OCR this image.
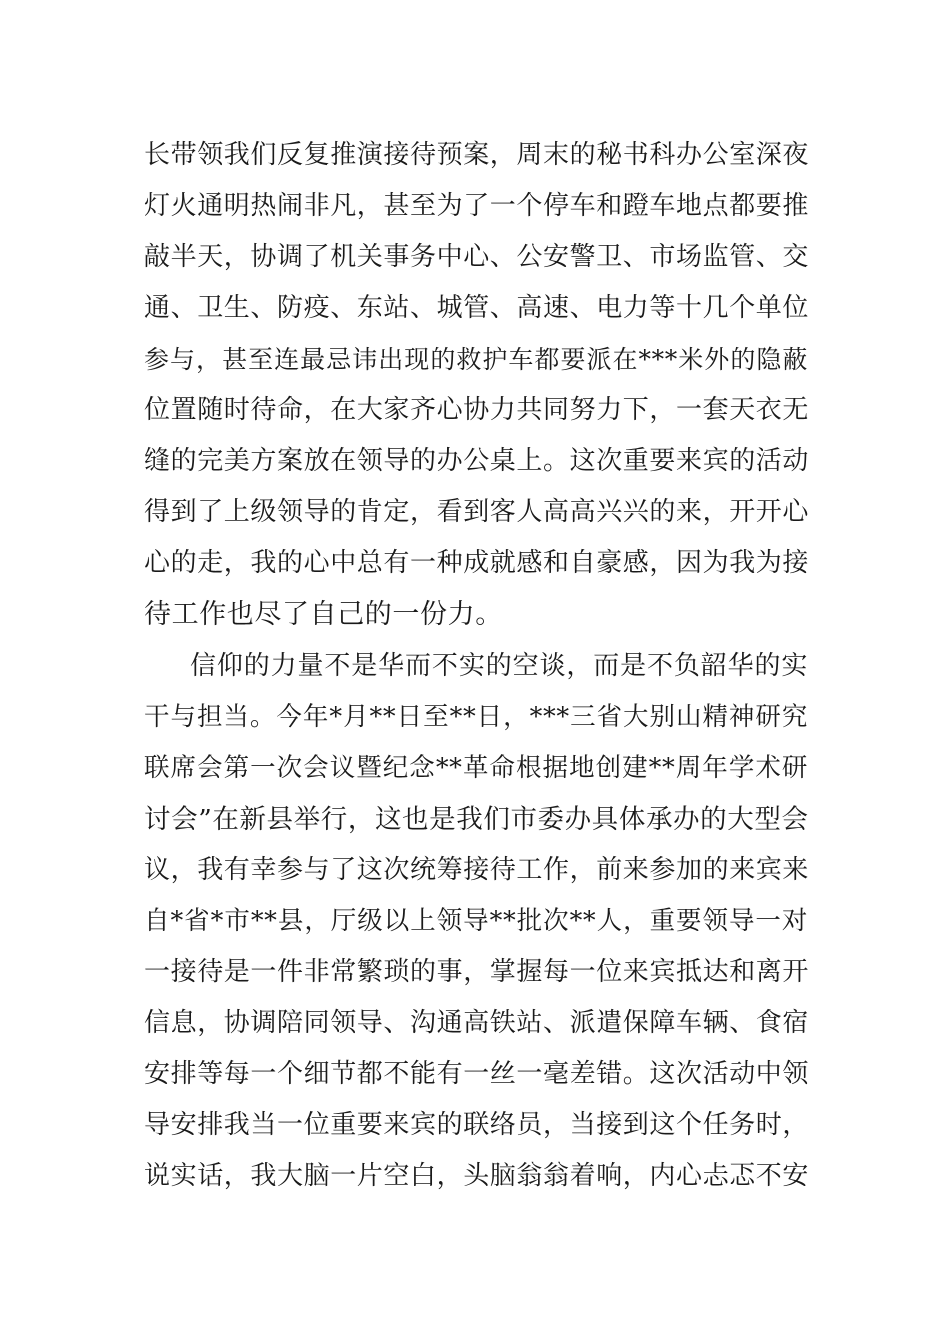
长带领我们反复推演接待预案，周末的秘书科办公室深夜
灯火通明热闹非凡，甚至为了一个停车和蹬车地点都要推
敲半天，协调了机关事务中心、公安警卫、市场监管、交
通、卫生、防疫、东站、城管、高速、电力等十几个单位
参与，甚至连最忌讳出现的救护车都要派在***米外的隐蔽
位置随时待命，在大家齐心协力共同努力下，一套天衣无
缝的完美方案放在领导的办公桌上。这次重要来宾的活动
得到了上级领导的肯定，看到客人高高兴兴的来，开开心
心的走，我的心中总有一种成就感和自豪感，因为我为接
待工作也尽了自己的一份力。
信仰的力量不是华而不实的空谈，而是不负韶华的实
干与担当。今年*月**日至**日，***三省大别山精神研究
联席会第一次会议暨纪念**革命根据地创建**周年学术研
讨会”在新县举行，这也是我们市委办具体承办的大型会
议，我有幸参与了这次统筹接待工作，前来参加的来宾来
自*省*市**县，厅级以上领导**批次**人，重要领导一对
一接待是一件非常繁琐的事，掌握每一位来宾抵达和离开
信息，协调陪同领导、沟通高铁站、派遣保障车辆、食宿
安排等每一个细节都不能有一丝一毫差错。这次活动中领
导安排我当一位重要来宾的联络员，当接到这个任务时，
说实话，我大脑一片空白，头脑翁翁着响，内心忐忑不安
